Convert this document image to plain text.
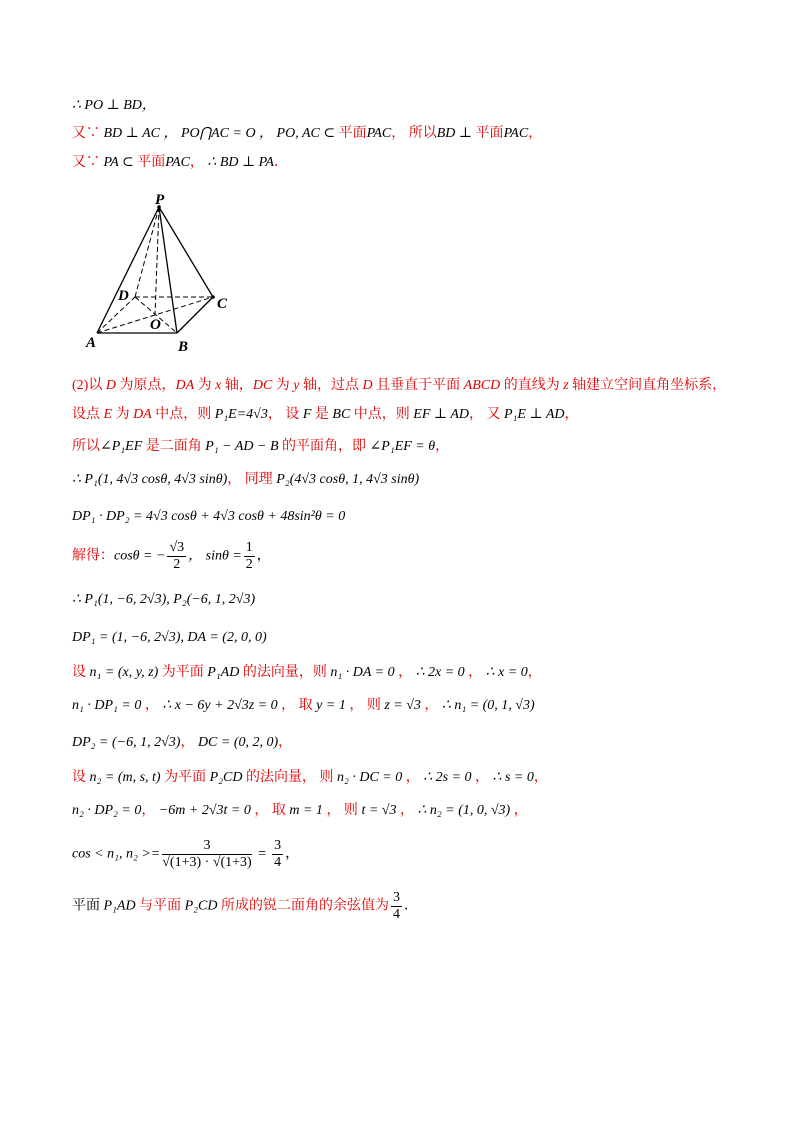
∴ PO ⊥ BD，
又∵ BD ⊥ AC ， PO⋂AC = O ， PO, AC ⊂ 平面PAC， 所以BD ⊥ 平面PAC，
又∵ PA ⊂ 平面PAC， ∴ BD ⊥ PA．
P
D	C
O
A	B
(2)以 D 为原点，DA 为 x 轴，DC 为 y 轴，过点 D 且垂直于平面 ABCD 的直线为 z 轴建立空间直角坐标系，
设点 E 为 DA 中点，则 P₁E=4√3， 设 F 是 BC 中点，则 EF ⊥ AD， 又 P₁E ⊥ AD，
所以∠P₁EF 是二面角 P₁ − AD − B 的平面角，即 ∠P₁EF = θ，
∴ P₁(1, 4√3 cosθ, 4√3 sinθ)， 同理 P₂(4√3 cosθ, 1, 4√3 sinθ)
DP₁ · DP₂ = 4√3 cosθ + 4√3 cosθ + 48sin²θ = 0
解得：cosθ = − $\frac{√3}{2}$ ， $\sin\theta = \frac{1}{2}$ ，
∴ P₁(1, −6, 2√3), P₂(−6, 1, 2√3)
DP₁ = (1, −6, 2√3), DA = (2, 0, 0)
设 n₁ = (x, y, z) 为平面 P₁AD 的法向量，则 n₁ · DA = 0 ， ∴ 2x = 0 ， ∴ x = 0，
n₁ · DP₁ = 0 ， ∴ x − 6y + 2√3z = 0 ， 取 y = 1 ， 则 z = √3 ， ∴ n₁ = (0, 1, √3)
DP₂ = (−6, 1, 2√3)， DC = (0, 2, 0)，
设 n₂ = (m, s, t) 为平面 P₂CD 的法向量， 则 n₂ · DC = 0 ， ∴ 2s = 0 ， ∴ s = 0，
n₂ · DP₂ = 0， −6m + 2√3t = 0 ， 取 m = 1 ， 则 t = √3 ， ∴ n₂ = (1, 0, √3) ，
cos < n₁, $n_2 >= \frac{3}{√(1+3) \cdot √(1+3)} = \frac{3}{4}$ ，
平面 P₁AD 与平面 P₂CD 所成的锐二面角的余弦值为 $\frac{3}{4}$ ．
